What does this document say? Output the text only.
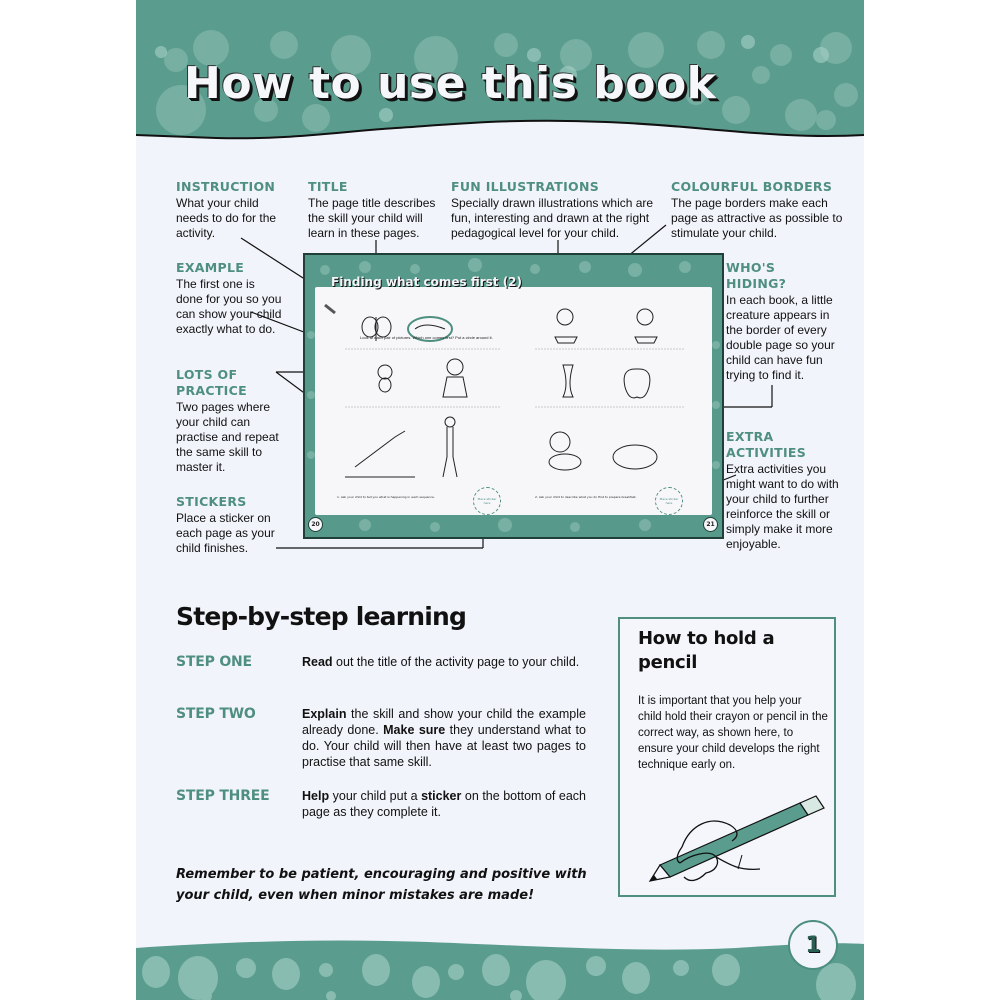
How to use this book
INSTRUCTION
What your child needs to do for the activity.
TITLE
The page title describes the skill your child will learn in these pages.
FUN ILLUSTRATIONS
Specially drawn illustrations which are fun, interesting and drawn at the right pedagogical level for your child.
COLOURFUL BORDERS
The page borders make each page as attractive as possible to stimulate your child.
EXAMPLE
The first one is done for you so you can show your child exactly what to do.
LOTS OF PRACTICE
Two pages where your child can practise and repeat the same skill to master it.
STICKERS
Place a sticker on each page as your child finishes.
WHO'S HIDING?
In each book, a little creature appears in the border of every double page so your child can have fun trying to find it.
EXTRA ACTIVITIES
Extra activities you might want to do with your child to further reinforce the skill or simply make it more enjoyable.
Look at each pair of pictures. Which one comes first? Put a circle around it.
Place sticker here
Place sticker here
1. Ask your child to tell you what is happening in each sequence.	2. Ask your child to describe what you do first to prepare breakfast.
Finding what comes first (2)
20	21
Step-by-step learning
STEP ONE	Read out the title of the activity page to your child.
STEP TWO	Explain the skill and show your child the example already done. Make sure they understand what to do. Your child will then have at least two pages to practise that same skill.
STEP THREE	Help your child put a sticker on the bottom of each page as they complete it.
Remember to be patient, encouraging and positive with your child, even when minor mistakes are made!
How to hold a pencil
It is important that you help your child hold their crayon or pencil in the correct way, as shown here, to ensure your child develops the right technique early on.
1
